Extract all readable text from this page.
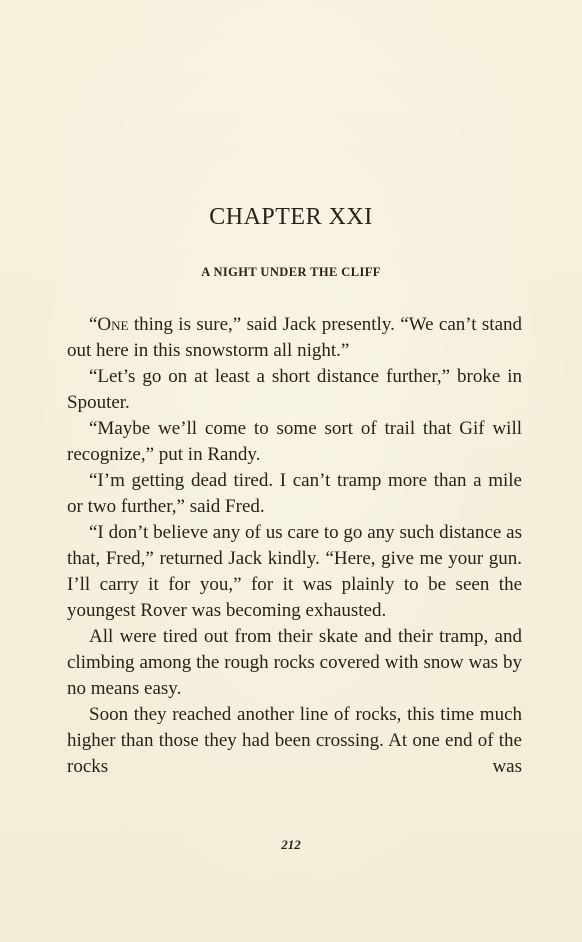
CHAPTER XXI
A NIGHT UNDER THE CLIFF

“One thing is sure,” said Jack presently. “We can’t stand out here in this snowstorm all night.”

“Let’s go on at least a short distance further,” broke in Spouter.

“Maybe we’ll come to some sort of trail that Gif will recognize,” put in Randy.

“I’m getting dead tired. I can’t tramp more than a mile or two further,” said Fred.

“I don’t believe any of us care to go any such distance as that, Fred,” returned Jack kindly. “Here, give me your gun. I’ll carry it for you,” for it was plainly to be seen the youngest Rover was becoming exhausted.

All were tired out from their skate and their tramp, and climbing among the rough rocks covered with snow was by no means easy.

Soon they reached another line of rocks, this time much higher than those they had been crossing. At one end of the rocks was

212
